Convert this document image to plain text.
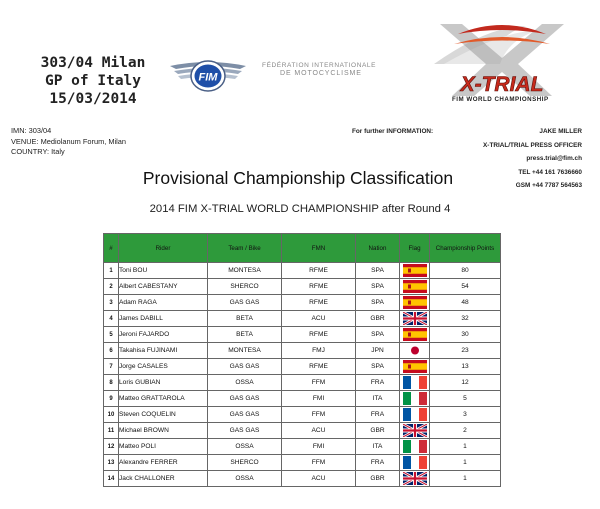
303/04 Milan
GP of Italy
15/03/2014
FIM
FÉDÉRATION INTERNATIONALE
DE MOTOCYCLISME	X-TRIAL
FIM WORLD CHAMPIONSHIP
IMN: 303/04
VENUE: Mediolanum Forum, Milan
COUNTRY: Italy
For further INFORMATION:	JAKE MILLER
X-TRIAL/TRIAL PRESS OFFICER
press.trial@fim.ch
TEL +44 161 7636660
GSM +44 7787 564563
Provisional Championship Classification
2014 FIM X-TRIAL WORLD CHAMPIONSHIP after Round 4
#	Rider	Team / Bike	FMN	Nation	Flag	Championship Points
1	Toni BOU	MONTESA	RFME	SPA		80
2	Albert CABESTANY	SHERCO	RFME	SPA		54
3	Adam RAGA	GAS GAS	RFME	SPA		48
4	James DABILL	BETA	ACU	GBR		32
5	Jeroni FAJARDO	BETA	RFME	SPA		30
6	Takahisa FUJINAMI	MONTESA	FMJ	JPN		23
7	Jorge CASALES	GAS GAS	RFME	SPA		13
8	Loris GUBIAN	OSSA	FFM	FRA		12
9	Matteo GRATTAROLA	GAS GAS	FMI	ITA		5
10	Steven COQUELIN	GAS GAS	FFM	FRA		3
11	Michael BROWN	GAS GAS	ACU	GBR		2
12	Matteo POLI	OSSA	FMI	ITA		1
13	Alexandre FERRER	SHERCO	FFM	FRA		1
14	Jack CHALLONER	OSSA	ACU	GBR		1
